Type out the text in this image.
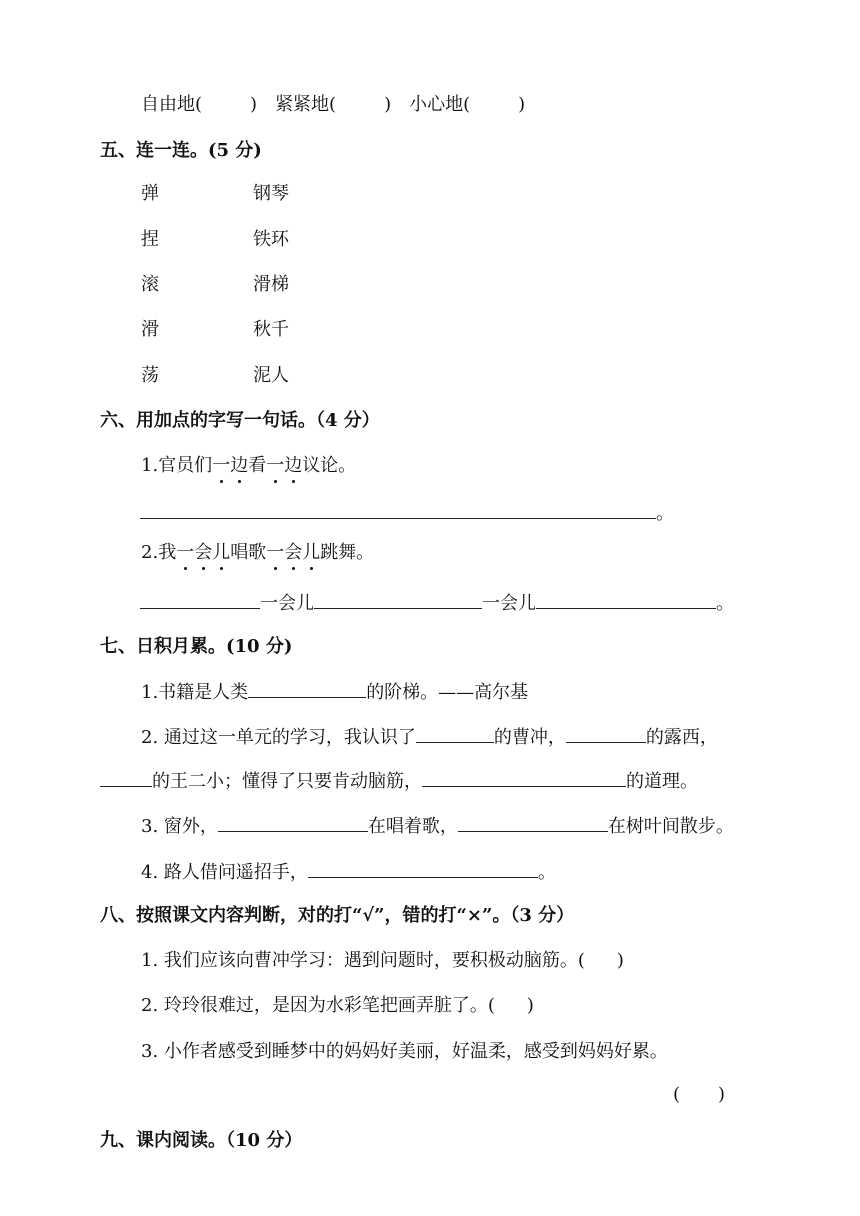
自由地(	) 紧紧地(	) 小心地(	)
五、连一连。(5 分)
弹	钢琴
捏	铁环
滚	滑梯
滑	秋千
荡	泥人
六、用加点的字写一句话。（4 分）
1.官员们一边看一边议论。
。
2.我一会儿唱歌一会儿跳舞。
一会儿	一会儿	。
七、日积月累。(10 分)
1.书籍是人类	的阶梯。——高尔基
2. 通过这一单元的学习，我认识了	的曹冲，	的露西，
的王二小；懂得了只要肯动脑筋，	的道理。
3. 窗外，	在唱着歌，	在树叶间散步。
4. 路人借问遥招手，	。
八、按照课文内容判断，对的打“√”，错的打“×”。（3 分）
1. 我们应该向曹冲学习：遇到问题时，要积极动脑筋。( )
2. 玲玲很难过，是因为水彩笔把画弄脏了。( )
3. 小作者感受到睡梦中的妈妈好美丽，好温柔，感受到妈妈好累。
( )
九、课内阅读。（10 分）
